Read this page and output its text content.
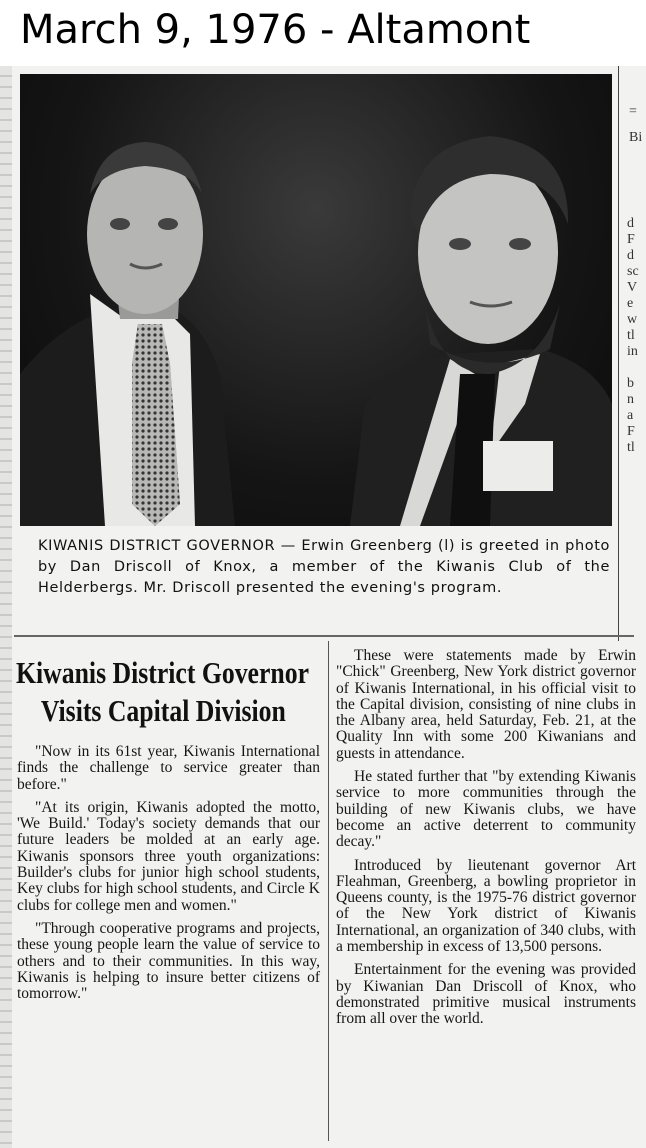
March 9, 1976 - Altamont
=
Bi
d
F
d
sc
V
e
w
tl
in
b
n
a
F
tl
KIWANIS DISTRICT GOVERNOR — Erwin Greenberg (l) is greeted in photo by Dan Driscoll of Knox, a member of the Kiwanis Club of the Helderbergs. Mr. Driscoll presented the evening's program.
Kiwanis District Governor
Visits Capital Division

"Now in its 61st year, Kiwanis International finds the challenge to service greater than before."

"At its origin, Kiwanis adopted the motto, 'We Build.' Today's society demands that our future leaders be molded at an early age. Kiwanis sponsors three youth organizations: Builder's clubs for junior high school students, Key clubs for high school students, and Circle K clubs for college men and women."

"Through cooperative programs and projects, these young people learn the value of service to others and to their communities. In this way, Kiwanis is helping to insure better citizens of tomorrow."

These were statements made by Erwin "Chick" Greenberg, New York district governor of Kiwanis International, in his official visit to the Capital division, consisting of nine clubs in the Albany area, held Saturday, Feb. 21, at the Quality Inn with some 200 Kiwanians and guests in attendance.

He stated further that "by extending Kiwanis service to more communities through the building of new Kiwanis clubs, we have become an active deterrent to community decay."

Introduced by lieutenant governor Art Fleahman, Greenberg, a bowling proprietor in Queens county, is the 1975-76 district governor of the New York district of Kiwanis International, an organization of 340 clubs, with a membership in excess of 13,500 persons.

Entertainment for the evening was provided by Kiwanian Dan Driscoll of Knox, who demonstrated primitive musical instruments from all over the world.
